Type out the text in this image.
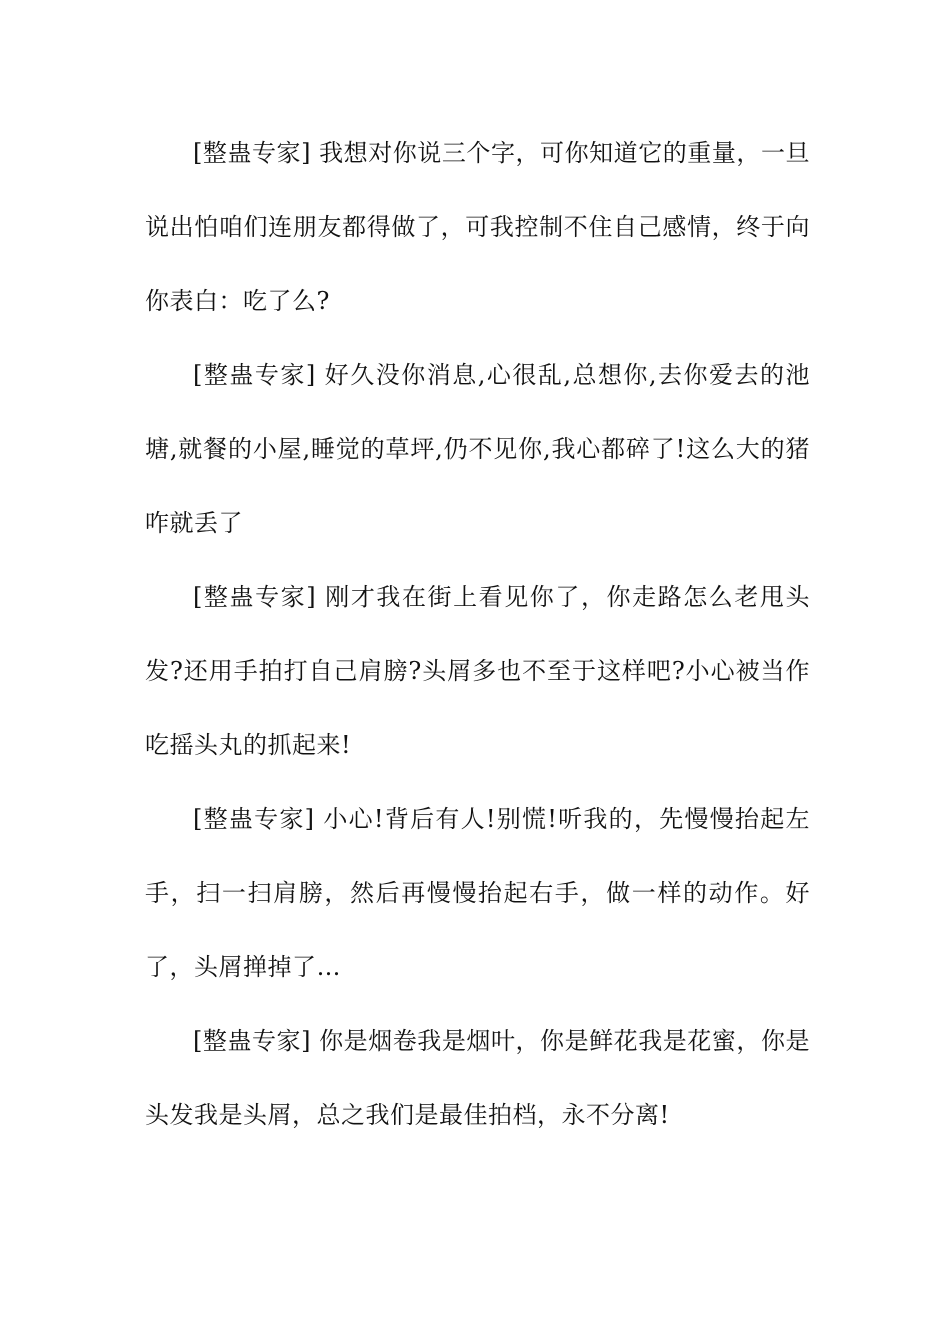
[整蛊专家] 我想对你说三个字，可你知道它的重量，一旦说出怕咱们连朋友都得做了，可我控制不住自己感情，终于向你表白：吃了么?

[整蛊专家] 好久没你消息,心很乱,总想你,去你爱去的池塘,就餐的小屋,睡觉的草坪,仍不见你,我心都碎了!这么大的猪咋就丢了

[整蛊专家] 刚才我在街上看见你了，你走路怎么老甩头发?还用手拍打自己肩膀?头屑多也不至于这样吧?小心被当作吃摇头丸的抓起来!

[整蛊专家] 小心!背后有人!别慌!听我的，先慢慢抬起左手，扫一扫肩膀，然后再慢慢抬起右手，做一样的动作。好了，头屑掸掉了…

[整蛊专家] 你是烟卷我是烟叶，你是鲜花我是花蜜，你是头发我是头屑，总之我们是最佳拍档，永不分离!
